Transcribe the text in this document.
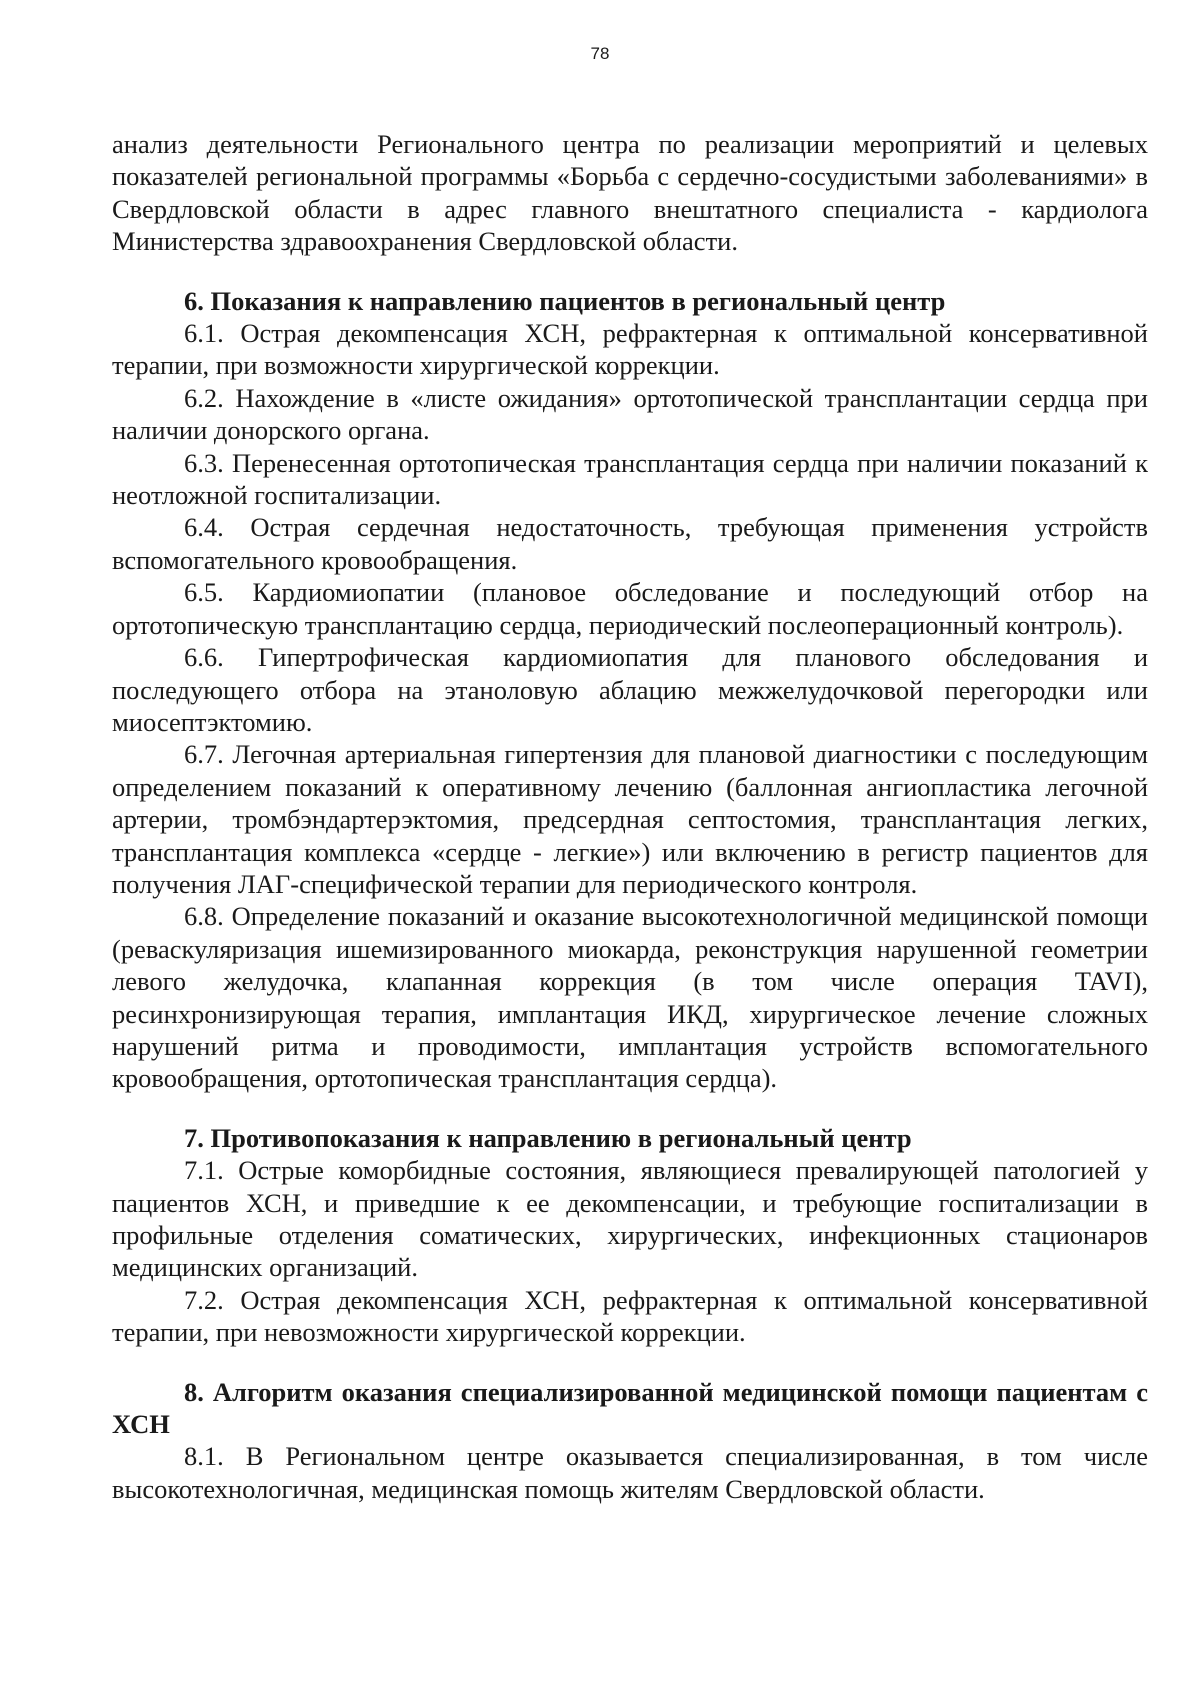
78

анализ деятельности Регионального центра по реализации мероприятий и целевых показателей региональной программы «Борьба с сердечно-сосудистыми заболеваниями» в Свердловской области в адрес главного внештатного специалиста - кардиолога Министерства здравоохранения Свердловской области.

6. Показания к направлению пациентов в региональный центр

6.1. Острая декомпенсация ХСН, рефрактерная к оптимальной консервативной терапии, при возможности хирургической коррекции.

6.2. Нахождение в «листе ожидания» ортотопической трансплантации сердца при наличии донорского органа.

6.3. Перенесенная ортотопическая трансплантация сердца при наличии показаний к неотложной госпитализации.

6.4. Острая сердечная недостаточность, требующая применения устройств вспомогательного кровообращения.

6.5. Кардиомиопатии (плановое обследование и последующий отбор на ортотопическую трансплантацию сердца, периодический послеоперационный контроль).

6.6. Гипертрофическая кардиомиопатия для планового обследования и последующего отбора на этаноловую аблацию межжелудочковой перегородки или миосептэктомию.

6.7. Легочная артериальная гипертензия для плановой диагностики с последующим определением показаний к оперативному лечению (баллонная ангиопластика легочной артерии, тромбэндартерэктомия, предсердная септостомия, трансплантация легких, трансплантация комплекса «сердце - легкие») или включению в регистр пациентов для получения ЛАГ-специфической терапии для периодического контроля.

6.8. Определение показаний и оказание высокотехнологичной медицинской помощи (реваскуляризация ишемизированного миокарда, реконструкция нарушенной геометрии левого желудочка, клапанная коррекция (в том числе операция TAVI), ресинхронизирующая терапия, имплантация ИКД, хирургическое лечение сложных нарушений ритма и проводимости, имплантация устройств вспомогательного кровообращения, ортотопическая трансплантация сердца).

7. Противопоказания к направлению в региональный центр

7.1. Острые коморбидные состояния, являющиеся превалирующей патологией у пациентов ХСН, и приведшие к ее декомпенсации, и требующие госпитализации в профильные отделения соматических, хирургических, инфекционных стационаров медицинских организаций.

7.2. Острая декомпенсация ХСН, рефрактерная к оптимальной консервативной терапии, при невозможности хирургической коррекции.

8. Алгоритм оказания специализированной медицинской помощи пациентам с ХСН

8.1. В Региональном центре оказывается специализированная, в том числе высокотехнологичная, медицинская помощь жителям Свердловской области.
